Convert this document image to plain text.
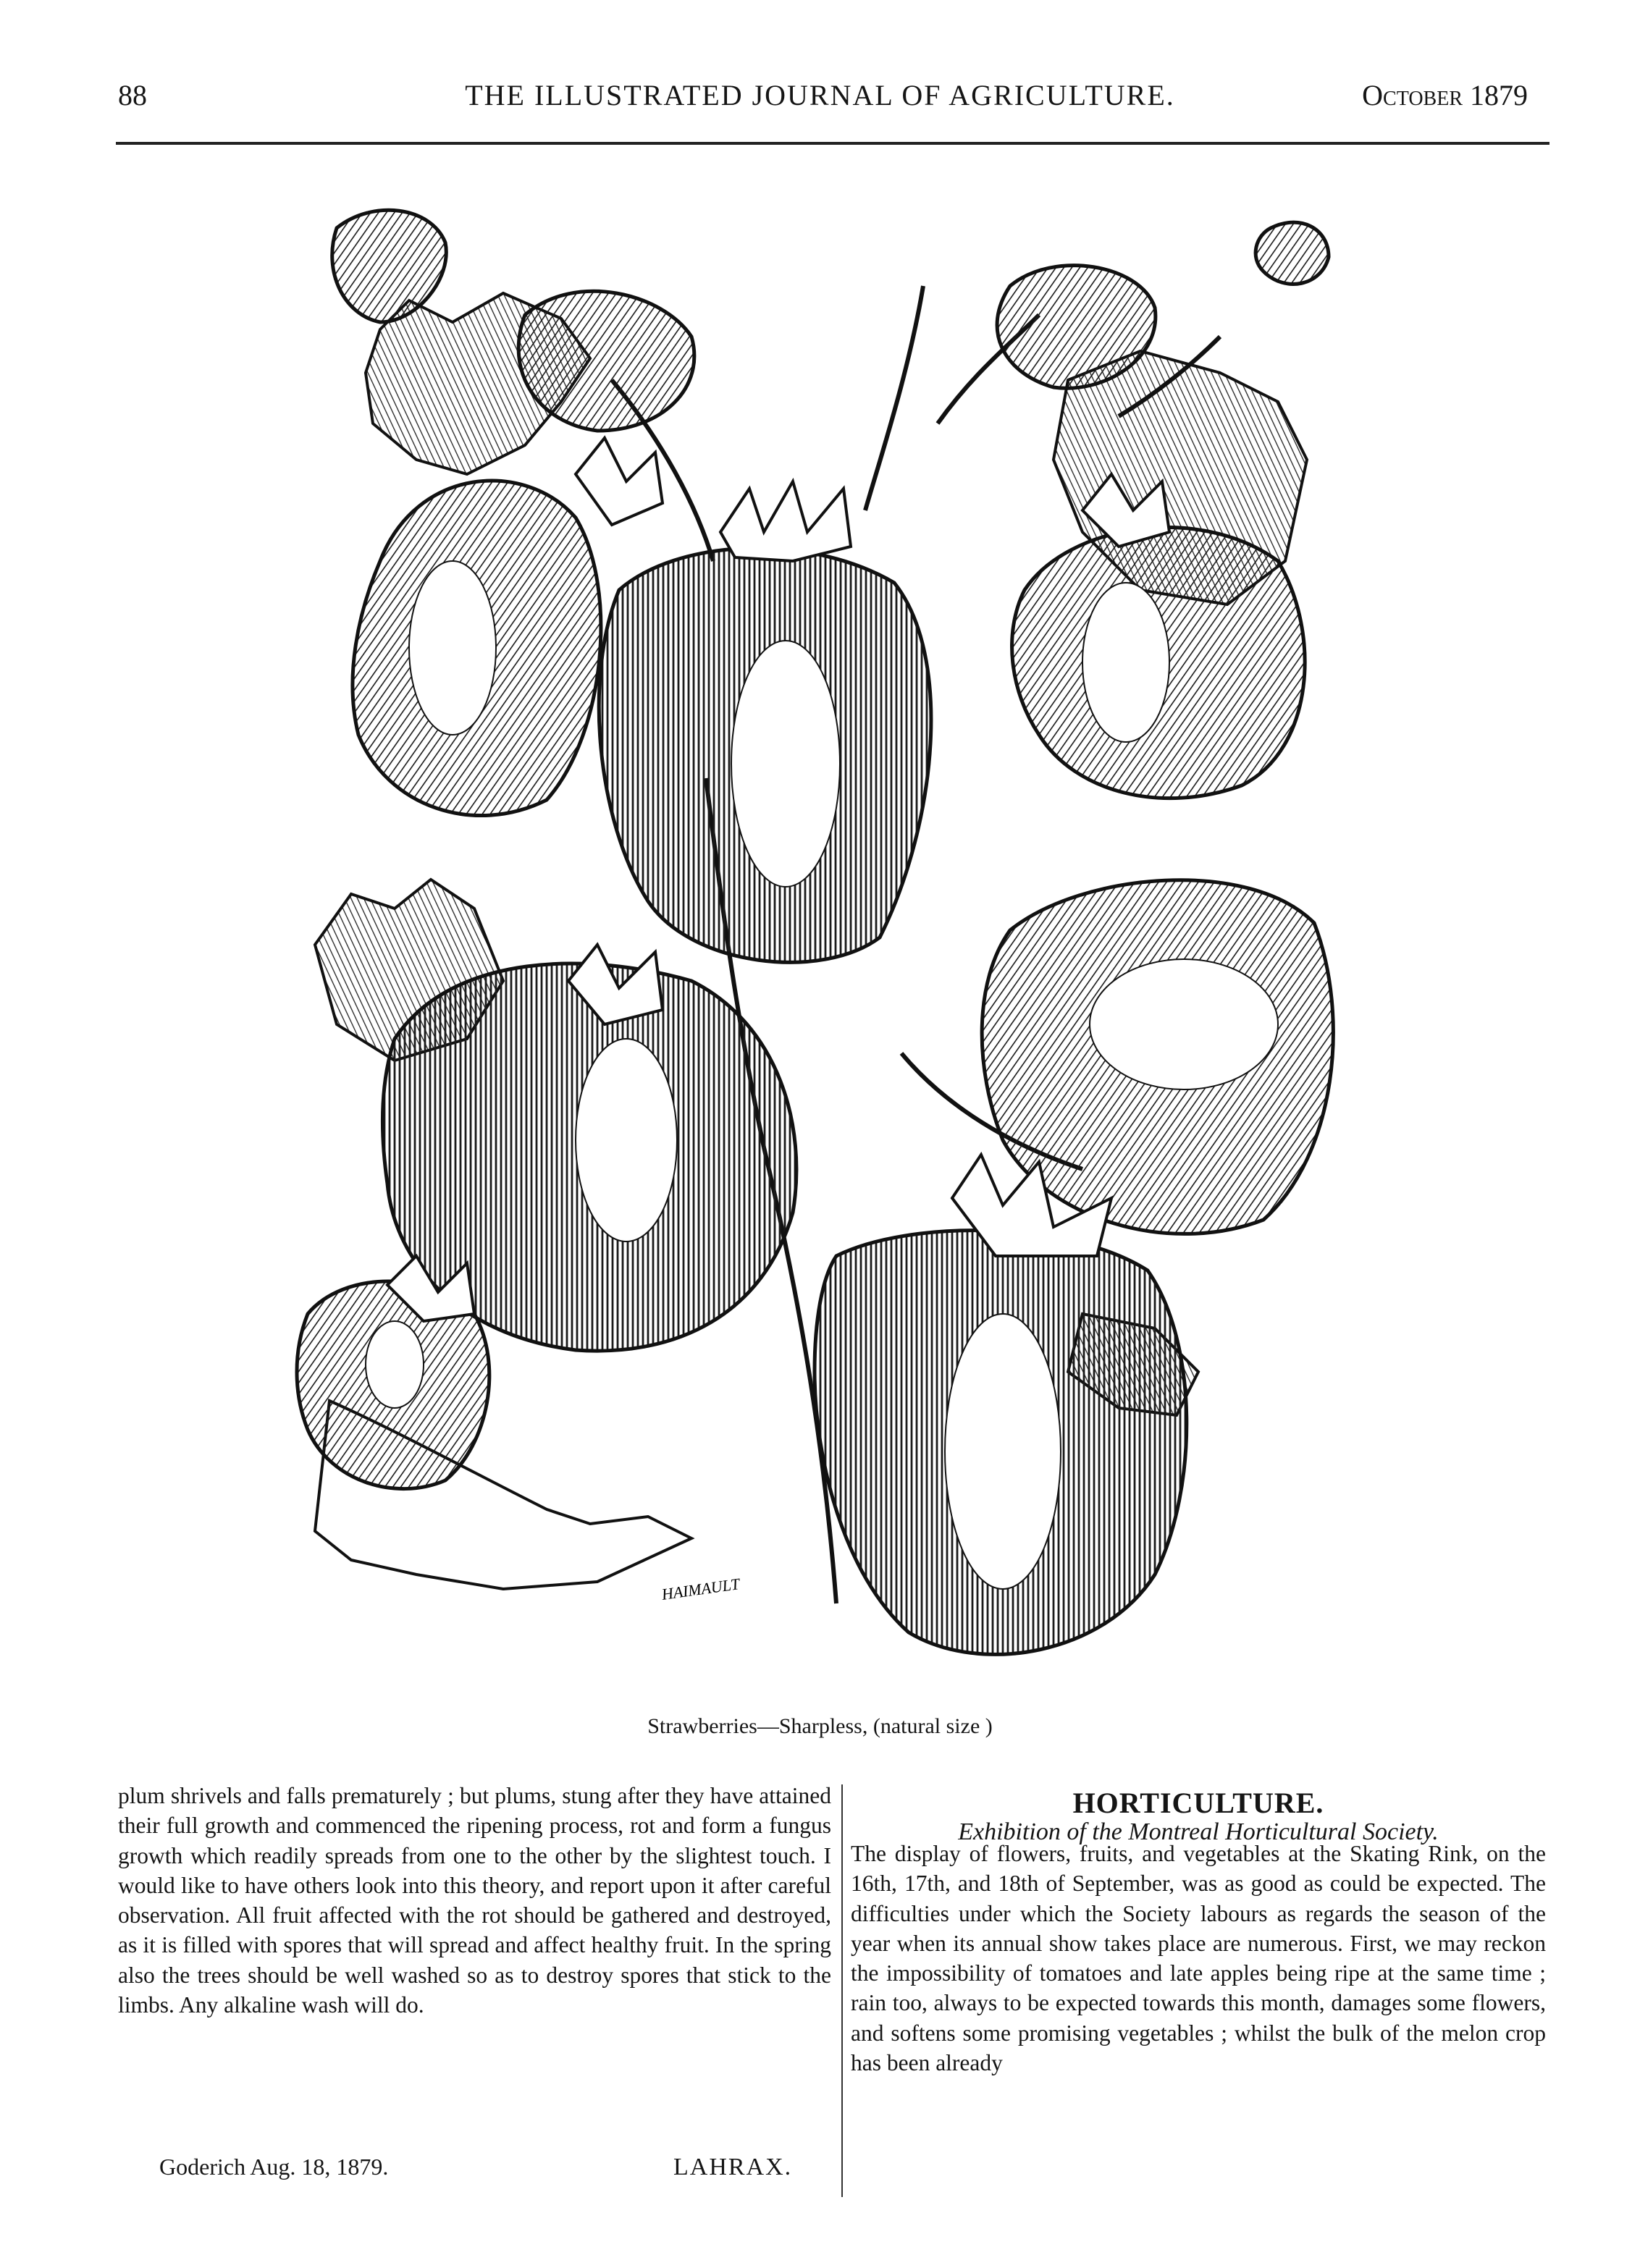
88	THE ILLUSTRATED JOURNAL OF AGRICULTURE.	October 1879
HAIMAULT
Strawberries—Sharpless, (natural size )

plum shrivels and falls prematurely ; but plums, stung after they have attained their full growth and commenced the ripening process, rot and form a fungus growth which readily spreads from one to the other by the slightest touch. I would like to have others look into this theory, and report upon it after careful observation. All fruit affected with the rot should be gathered and destroyed, as it is filled with spores that will spread and affect healthy fruit. In the spring also the trees should be well washed so as to destroy spores that stick to the limbs. Any alkaline wash will do.

Goderich Aug. 18, 1879.	LAHRAX.
HORTICULTURE.
Exhibition of the Montreal Horticultural Society.

The display of flowers, fruits, and vegetables at the Skating Rink, on the 16th, 17th, and 18th of September, was as good as could be expected. The difficulties under which the Society labours as regards the season of the year when its annual show takes place are numerous. First, we may reckon the impossibility of tomatoes and late apples being ripe at the same time ; rain too, always to be expected towards this month, damages some flowers, and softens some promising vegetables ; whilst the bulk of the melon crop has been already
